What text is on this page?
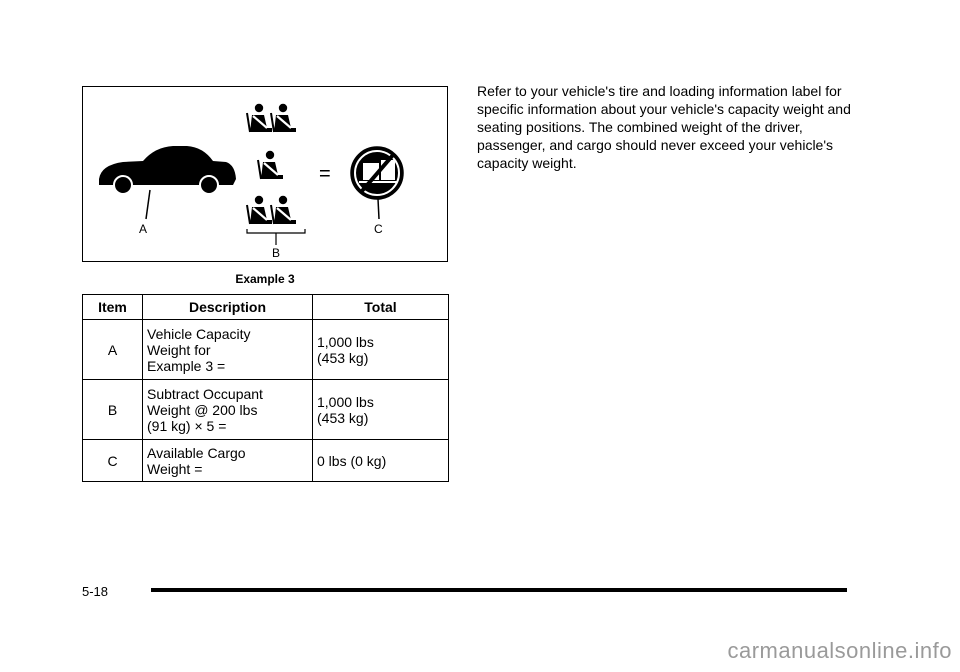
A
–
B
=
C
Example 3
Item	Description	Total
A	Vehicle Capacity
Weight for
Example 3 =	1,000 lbs
(453 kg)

B	Subtract Occupant
Weight @ 200 lbs
(91 kg) × 5 =	1,000 lbs
(453 kg)

C	Available Cargo
Weight =	0 lbs (0 kg)

Refer to your vehicle's tire and loading information label for specific information about your vehicle's capacity weight and seating positions. The combined weight of the driver, passenger, and cargo should never exceed your vehicle's capacity weight.

5-18
carmanualsonline.info
